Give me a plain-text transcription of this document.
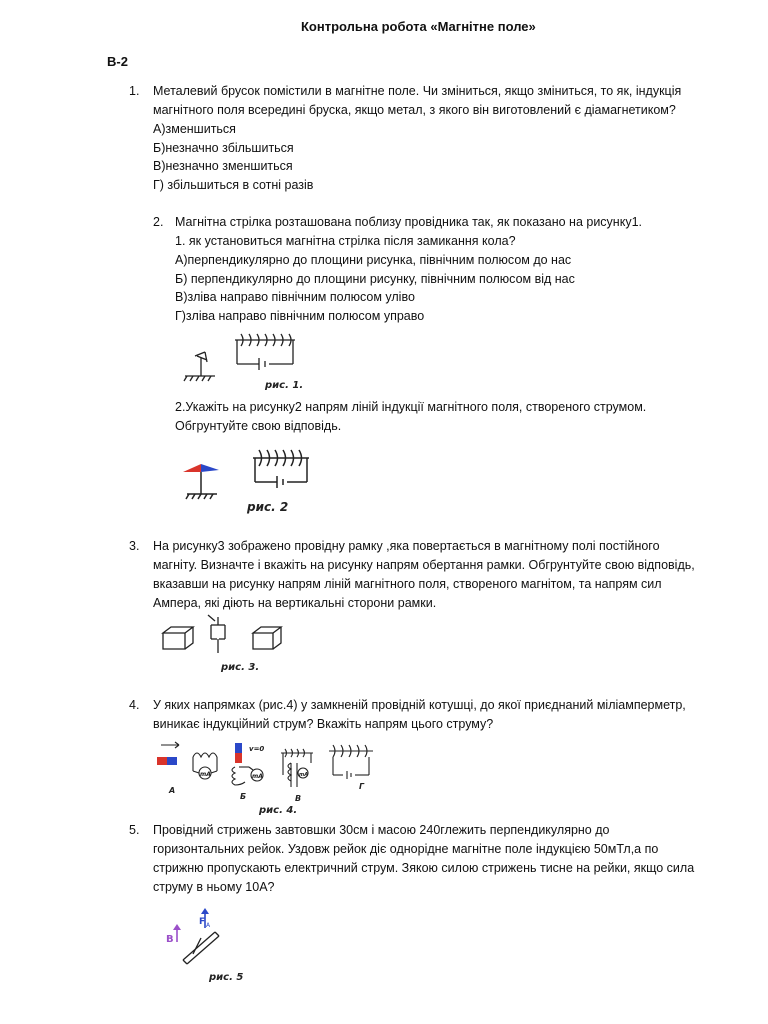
Контрольна робота «Магнітне поле»
В-2
1. Металевий брусок помістили в магнітне поле. Чи зміниться, якщо зміниться, то як, індукція
магнітного поля всередині бруска, якщо метал, з якого він виготовлений є діамагнетиком?
А)зменшиться
Б)незначно збільшиться
В)незначно зменшиться
Г) збільшиться в сотні разів
2. Магнітна стрілка розташована поблизу провідника так, як показано на рисунку1.
1. як установиться магнітна стрілка після замикання кола?
А)перпендикулярно до площини рисунка, північним полюсом до нас
Б) перпендикулярно до площини рисунку, північним полюсом від нас
В)зліва направо північним полюсом уліво
Г)зліва направо північним полюсом управо
рис. 1.
2.Укажіть на рисунку2 напрям ліній індукції магнітного поля, створеного струмом.
Обгрунтуйте свою відповідь.
рис. 2
3. На рисунку3 зображено провідну рамку ,яка повертається в магнітному полі постійного
магніту. Визначте і вкажіть на рисунку напрям обертання рамки. Обгрунтуйте свою відповідь,
вказавши на рисунку напрям ліній магнітного поля, створеного магнітом, та напрям сил
Ампера, які діють на вертикальні сторони рамки.
рис. 3.
4. У яких напрямках (рис.4) у замкненій провідній котушці, до якої приєднаний міліамперметр,
виникає індукційний струм? Вкажіть напрям цього струму?
mA
А
v=0
mA
Б
mA
В
Г
рис. 4.
5. Провідний стрижень завтовшки 30см і масою 240глежить перпендикулярно до
горизонтальних рейок. Уздовж рейок діє однорідне магнітне поле індукцією 50мТл,а по
стрижню пропускають електричний струм. Зякою силою стрижень тисне на рейки, якщо сила
струму в ньому 10А?
B
F A
рис. 5
